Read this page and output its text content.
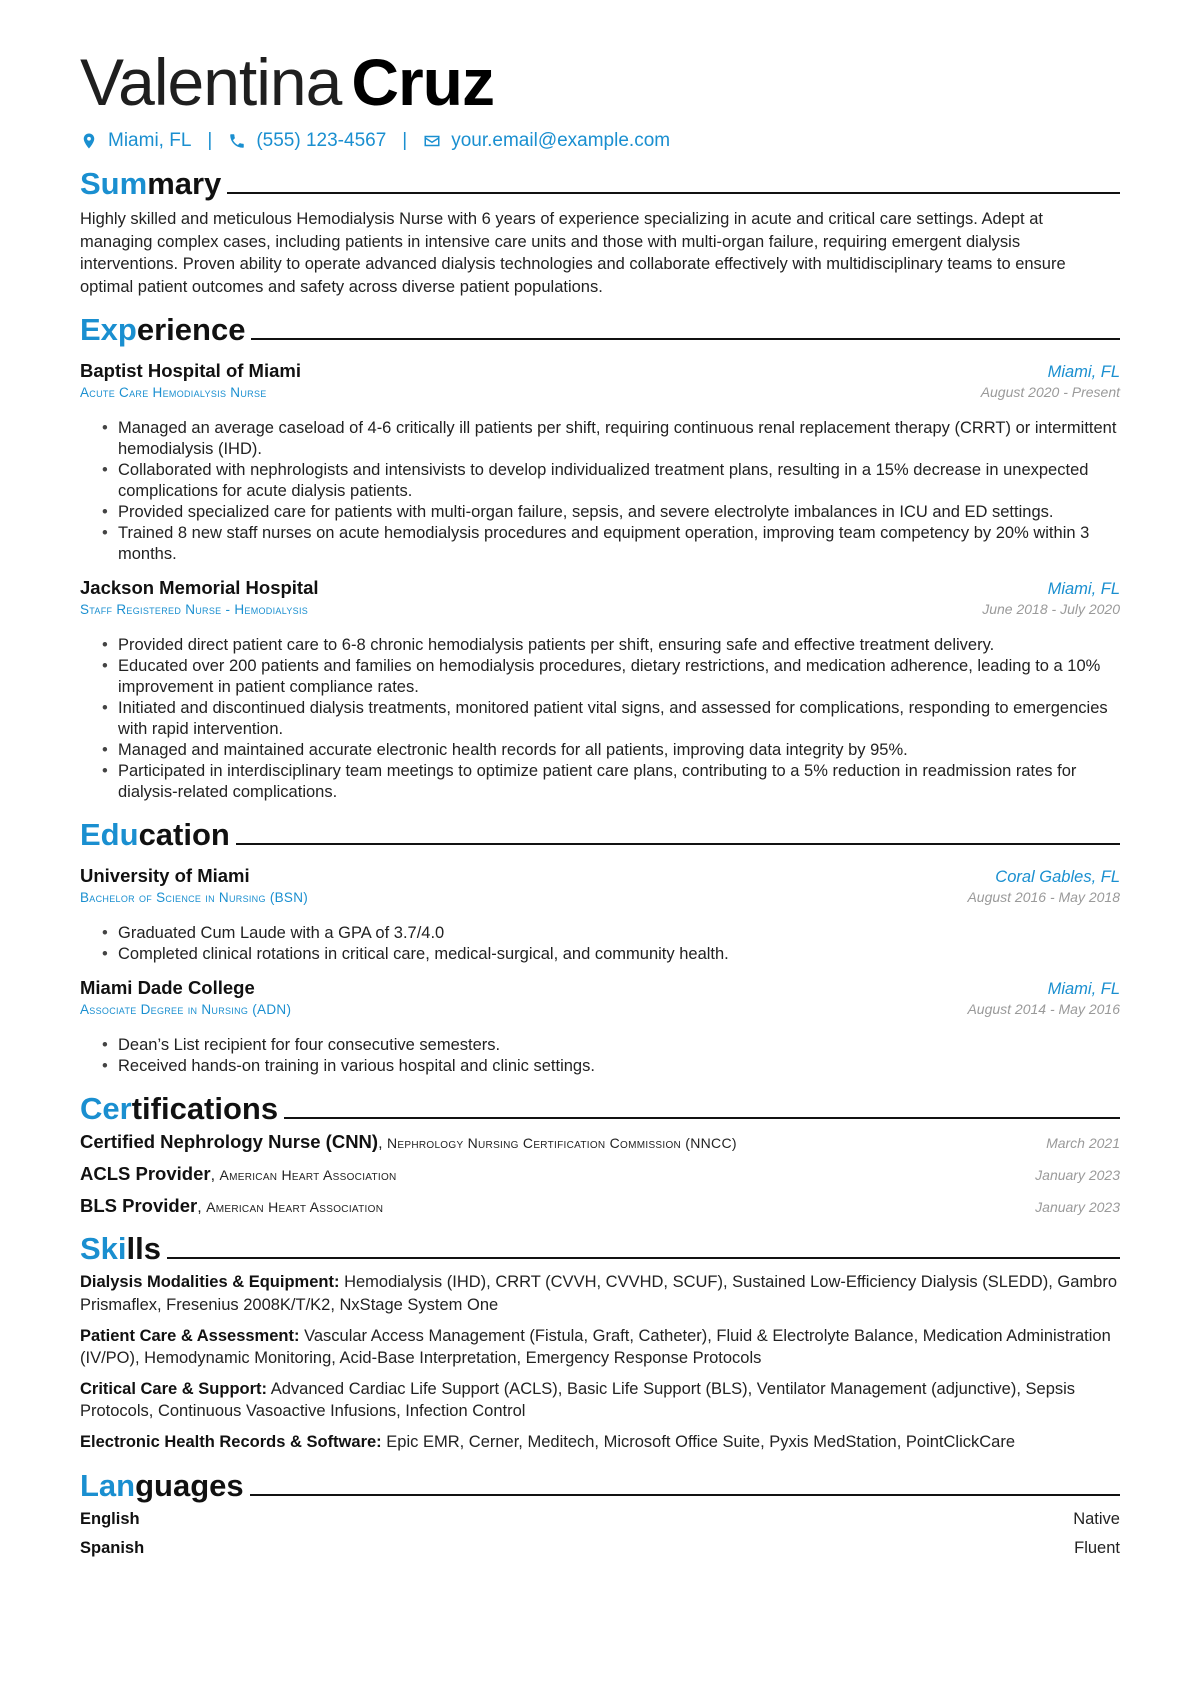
Valentina Cruz
Miami, FL | (555) 123-4567 | your.email@example.com
Summary
Highly skilled and meticulous Hemodialysis Nurse with 6 years of experience specializing in acute and critical care settings. Adept at managing complex cases, including patients in intensive care units and those with multi-organ failure, requiring emergent dialysis interventions. Proven ability to operate advanced dialysis technologies and collaborate effectively with multidisciplinary teams to ensure optimal patient outcomes and safety across diverse patient populations.
Experience
Baptist Hospital of Miami	Miami, FL
Acute Care Hemodialysis Nurse	August 2020 - Present
• Managed an average caseload of 4-6 critically ill patients per shift, requiring continuous renal replacement therapy (CRRT) or intermittent hemodialysis (IHD).
• Collaborated with nephrologists and intensivists to develop individualized treatment plans, resulting in a 15% decrease in unexpected complications for acute dialysis patients.
• Provided specialized care for patients with multi-organ failure, sepsis, and severe electrolyte imbalances in ICU and ED settings.
• Trained 8 new staff nurses on acute hemodialysis procedures and equipment operation, improving team competency by 20% within 3 months.
Jackson Memorial Hospital	Miami, FL
Staff Registered Nurse - Hemodialysis	June 2018 - July 2020
• Provided direct patient care to 6-8 chronic hemodialysis patients per shift, ensuring safe and effective treatment delivery.
• Educated over 200 patients and families on hemodialysis procedures, dietary restrictions, and medication adherence, leading to a 10% improvement in patient compliance rates.
• Initiated and discontinued dialysis treatments, monitored patient vital signs, and assessed for complications, responding to emergencies with rapid intervention.
• Managed and maintained accurate electronic health records for all patients, improving data integrity by 95%.
• Participated in interdisciplinary team meetings to optimize patient care plans, contributing to a 5% reduction in readmission rates for dialysis-related complications.
Education
University of Miami	Coral Gables, FL
Bachelor of Science in Nursing (BSN)	August 2016 - May 2018
• Graduated Cum Laude with a GPA of 3.7/4.0
• Completed clinical rotations in critical care, medical-surgical, and community health.
Miami Dade College	Miami, FL
Associate Degree in Nursing (ADN)	August 2014 - May 2016
• Dean’s List recipient for four consecutive semesters.
• Received hands-on training in various hospital and clinic settings.
Certifications
Certified Nephrology Nurse (CNN), Nephrology Nursing Certification Commission (NNCC)	March 2021
ACLS Provider, American Heart Association	January 2023
BLS Provider, American Heart Association	January 2023
Skills
Dialysis Modalities & Equipment: Hemodialysis (IHD), CRRT (CVVH, CVVHD, SCUF), Sustained Low-Efficiency Dialysis (SLEDD), Gambro Prismaflex, Fresenius 2008K/T/K2, NxStage System One
Patient Care & Assessment: Vascular Access Management (Fistula, Graft, Catheter), Fluid & Electrolyte Balance, Medication Administration (IV/PO), Hemodynamic Monitoring, Acid-Base Interpretation, Emergency Response Protocols
Critical Care & Support: Advanced Cardiac Life Support (ACLS), Basic Life Support (BLS), Ventilator Management (adjunctive), Sepsis Protocols, Continuous Vasoactive Infusions, Infection Control
Electronic Health Records & Software: Epic EMR, Cerner, Meditech, Microsoft Office Suite, Pyxis MedStation, PointClickCare
Languages
English	Native
Spanish	Fluent
